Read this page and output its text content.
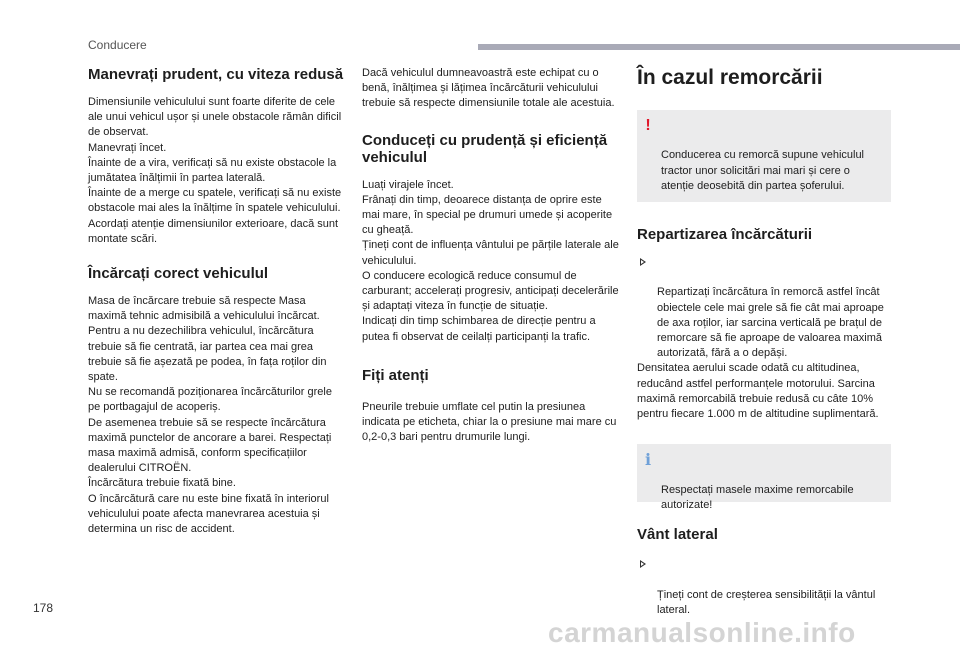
Conducere
Manevrați prudent, cu viteza redusă

Dimensiunile vehiculului sunt foarte diferite de cele ale unui vehicul ușor și unele obstacole rămân dificil de observat.
Manevrați încet.
Înainte de a vira, verificați să nu existe obstacole la jumătatea înălțimii în partea laterală.
Înainte de a merge cu spatele, verificați să nu existe obstacole mai ales la înălțime în spatele vehiculului.
Acordați atenție dimensiunilor exterioare, dacă sunt montate scări.

Încărcați corect vehiculul

Masa de încărcare trebuie să respecte Masa maximă tehnic admisibilă a vehiculului încărcat.
Pentru a nu dezechilibra vehiculul, încărcătura trebuie să fie centrată, iar partea cea mai grea trebuie să fie așezată pe podea, în fața roților din spate.
Nu se recomandă poziționarea încărcăturilor grele pe portbagajul de acoperiș.
De asemenea trebuie să se respecte încărcătura maximă punctelor de ancorare a barei. Respectați masa maximă admisă, conform specificațiilor dealerului CITROËN.
Încărcătura trebuie fixată bine.
O încărcătură care nu este bine fixată în interiorul vehiculului poate afecta manevrarea acestuia și determina un risc de accident.

Dacă vehiculul dumneavoastră este echipat cu o benă, înălțimea și lățimea încărcăturii vehiculului trebuie să respecte dimensiunile totale ale acestuia.

Conduceți cu prudență și eficiență vehiculul

Luați virajele încet.
Frânați din timp, deoarece distanța de oprire este mai mare, în special pe drumuri umede și acoperite cu gheață.
Țineți cont de influența vântului pe părțile laterale ale vehiculului.
O conducere ecologică reduce consumul de carburant; accelerați progresiv, anticipați decelerările și adaptați viteza în funcție de situație.
Indicați din timp schimbarea de direcție pentru a putea fi observat de ceilalți participanți la trafic.

Fiți atenți

Pneurile trebuie umflate cel putin la presiunea indicata pe eticheta, chiar la o presiune mai mare cu 0,2-0,3 bari pentru drumurile lungi.

În cazul remorcării

!

Conducerea cu remorcă supune vehiculul tractor unor solicitări mai mari și cere o atenție deosebită din partea șoferului.

Repartizarea încărcăturii

Repartizați încărcătura în remorcă astfel încât obiectele cele mai grele să fie cât mai aproape de axa roților, iar sarcina verticală pe brațul de remorcare să fie aproape de valoarea maximă autorizată, fără a o depăși.

Densitatea aerului scade odată cu altitudinea, reducând astfel performanțele motorului. Sarcina maximă remorcabilă trebuie redusă cu câte 10% pentru fiecare 1.000 m de altitudine suplimentară.

i

Respectați masele maxime remorcabile autorizate!

Vânt lateral

Țineți cont de creșterea sensibilității la vântul lateral.

178
carmanualsonline.info
